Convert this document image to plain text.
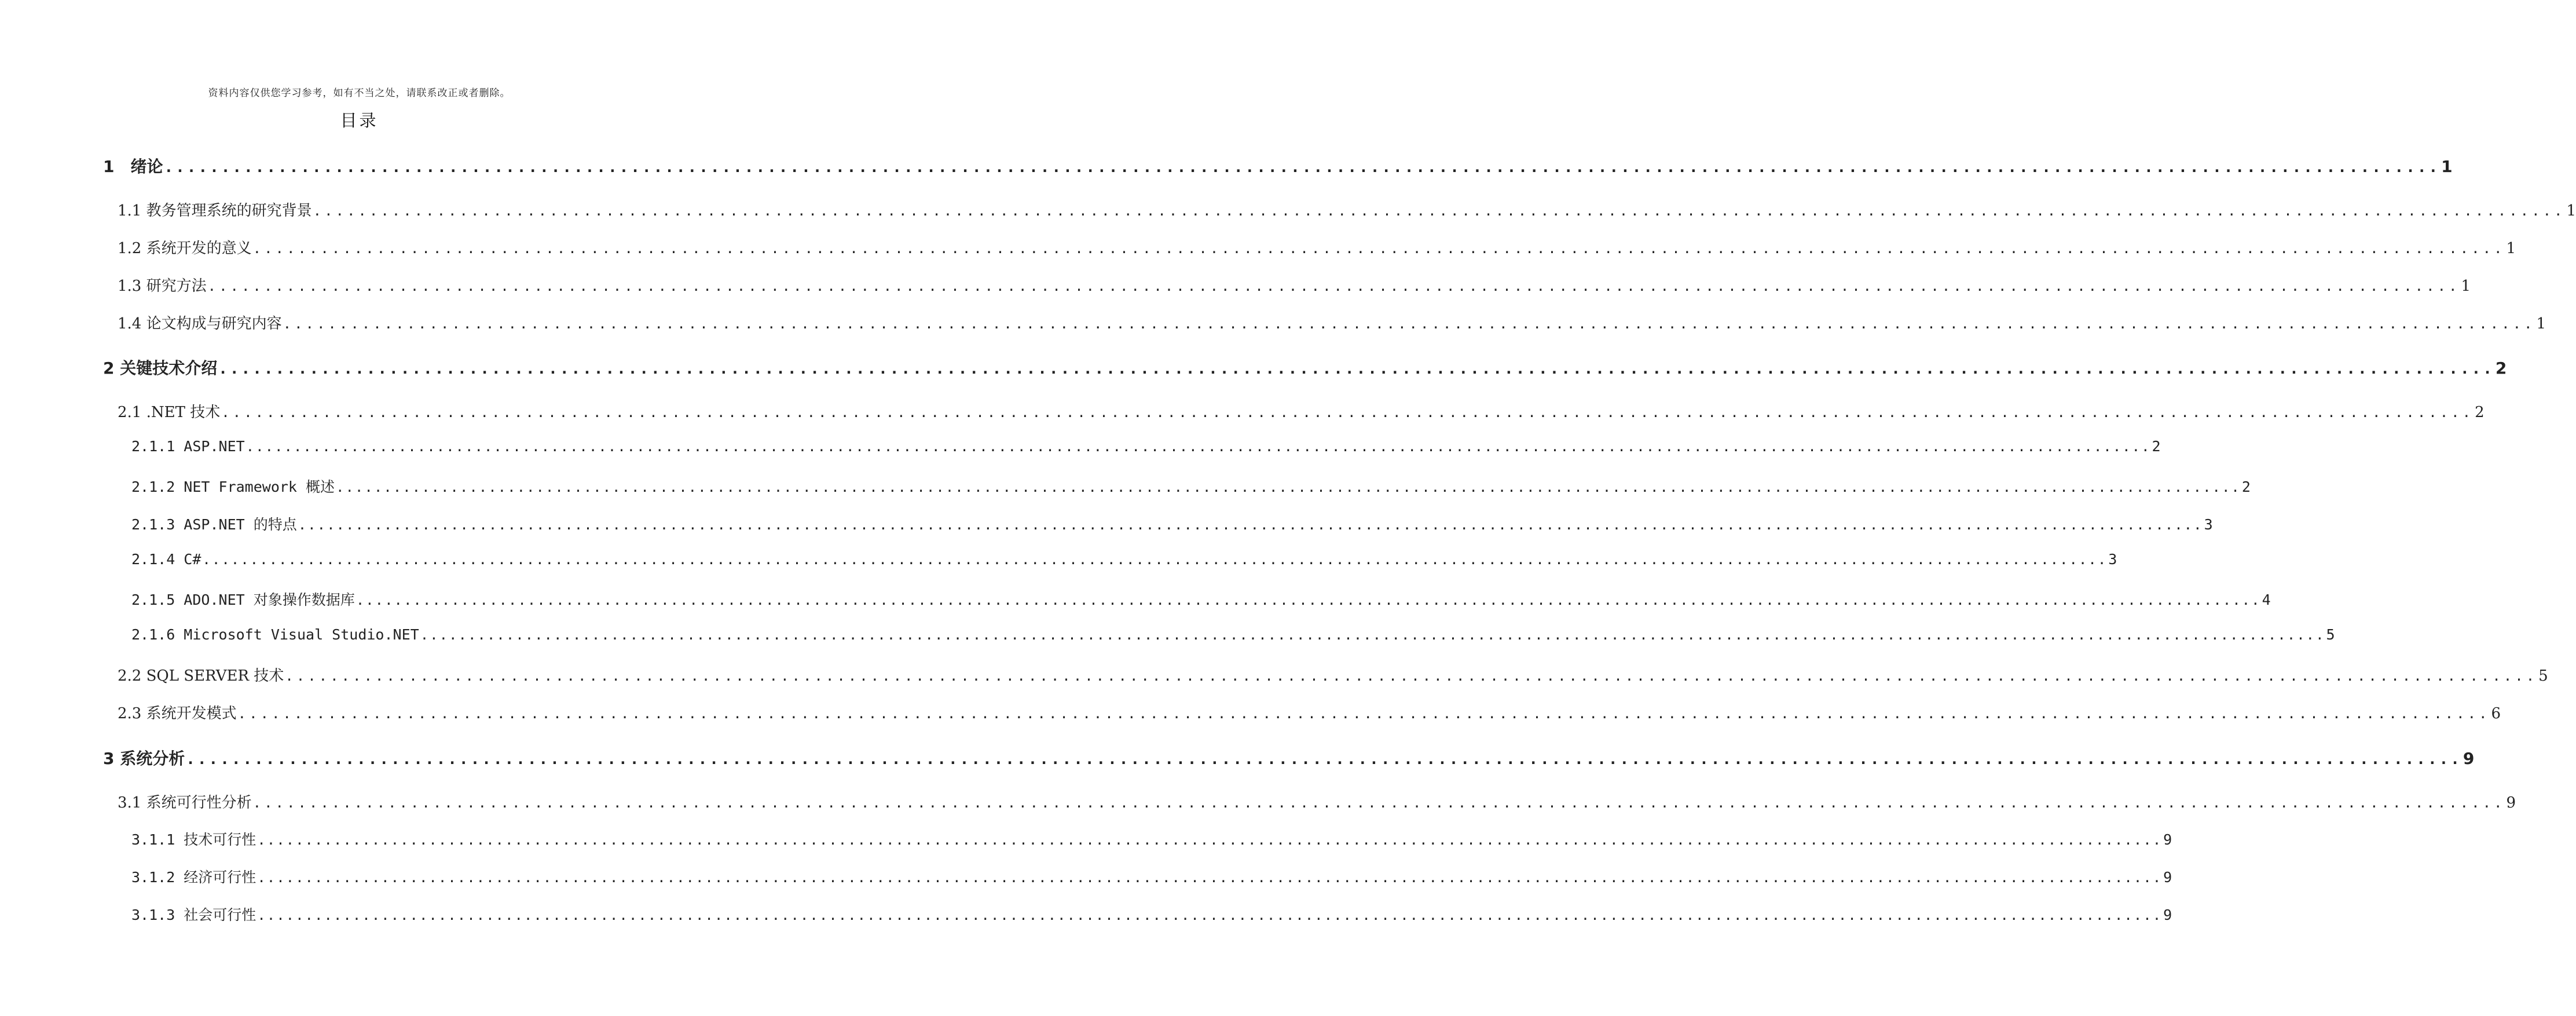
资料内容仅供您学习参考，如有不当之处，请联系改正或者删除。
目录
1　绪论 ........................................................................................................................................................................................................ 1
1.1 教务管理系统的研究背景 ........................................................................................................................................................................................................ 1
1.2 系统开发的意义 ........................................................................................................................................................................................................ 1
1.3 研究方法 ........................................................................................................................................................................................................ 1
1.4 论文构成与研究内容 ........................................................................................................................................................................................................ 1
2 关键技术介绍 ........................................................................................................................................................................................................ 2
2.1 .NET 技术 ........................................................................................................................................................................................................ 2
2.1.1 ASP.NET ........................................................................................................................................................................................................ 2
2.1.2 NET Framework 概述 ........................................................................................................................................................................................................ 2
2.1.3 ASP.NET 的特点 ........................................................................................................................................................................................................ 3
2.1.4 C# ........................................................................................................................................................................................................ 3
2.1.5 ADO.NET 对象操作数据库 ........................................................................................................................................................................................................ 4
2.1.6 Microsoft Visual Studio.NET ........................................................................................................................................................................................................ 5
2.2 SQL SERVER 技术 ........................................................................................................................................................................................................ 5
2.3 系统开发模式 ........................................................................................................................................................................................................ 6
3 系统分析 ........................................................................................................................................................................................................ 9
3.1 系统可行性分析 ........................................................................................................................................................................................................ 9
3.1.1 技术可行性 ........................................................................................................................................................................................................ 9
3.1.2 经济可行性 ........................................................................................................................................................................................................ 9
3.1.3 社会可行性 ........................................................................................................................................................................................................ 9
